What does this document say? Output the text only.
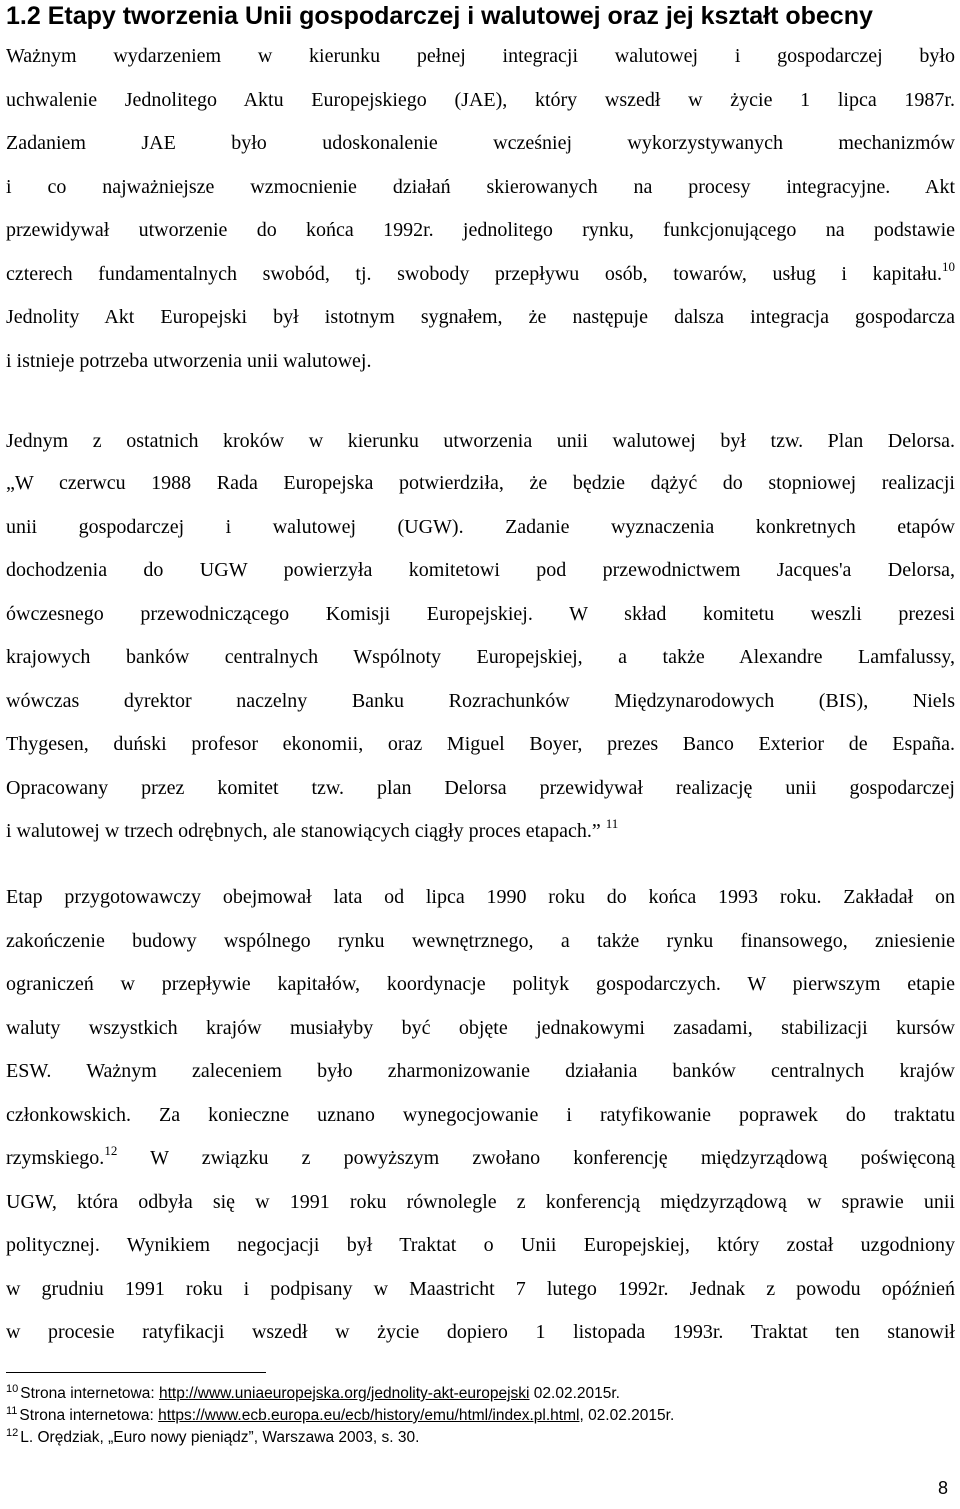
1.2 Etapy tworzenia Unii gospodarczej i walutowej oraz jej kształt obecny
Ważnym wydarzeniem w kierunku pełnej integracji walutowej i gospodarczej było
uchwalenie Jednolitego Aktu Europejskiego (JAE), który wszedł w życie 1 lipca 1987r.
Zadaniem JAE było udoskonalenie wcześniej wykorzystywanych mechanizmów
i co najważniejsze wzmocnienie działań skierowanych na procesy integracyjne. Akt
przewidywał utworzenie do końca 1992r. jednolitego rynku, funkcjonującego na podstawie
czterech fundamentalnych swobód, tj. swobody przepływu osób, towarów, usług i kapitału.$^{10}$
Jednolity Akt Europejski był istotnym sygnałem, że następuje dalsza integracja gospodarcza
i istnieje potrzeba utworzenia unii walutowej.
Jednym z ostatnich kroków w kierunku utworzenia unii walutowej był tzw. Plan Delorsa.
„W czerwcu 1988 Rada Europejska potwierdziła, że będzie dążyć do stopniowej realizacji
unii gospodarczej i walutowej (UGW). Zadanie wyznaczenia konkretnych etapów
dochodzenia do UGW powierzyła komitetowi pod przewodnictwem Jacques'a Delorsa,
ówczesnego przewodniczącego Komisji Europejskiej. W skład komitetu weszli prezesi
krajowych banków centralnych Wspólnoty Europejskiej, a także Alexandre Lamfalussy,
wówczas dyrektor naczelny Banku Rozrachunków Międzynarodowych (BIS), Niels
Thygesen, duński profesor ekonomii, oraz Miguel Boyer, prezes Banco Exterior de España.
Opracowany przez komitet tzw. plan Delorsa przewidywał realizację unii gospodarczej
i walutowej w trzech odrębnych, ale stanowiących ciągły proces etapach.” $^{11}$
Etap przygotowawczy obejmował lata od lipca 1990 roku do końca 1993 roku. Zakładał on
zakończenie budowy wspólnego rynku wewnętrznego, a także rynku finansowego, zniesienie
ograniczeń w przepływie kapitałów, koordynacje polityk gospodarczych. W pierwszym etapie
waluty wszystkich krajów musiałyby być objęte jednakowymi zasadami, stabilizacji kursów
ESW. Ważnym zaleceniem było zharmonizowanie działania banków centralnych krajów
członkowskich. Za konieczne uznano wynegocjowanie i ratyfikowanie poprawek do traktatu
rzymskiego.$^{12}$ W związku z powyższym zwołano konferencję międzyrządową poświęconą
UGW, która odbyła się w 1991 roku równolegle z konferencją międzyrządową w sprawie unii
politycznej. Wynikiem negocjacji był Traktat o Unii Europejskiej, który został uzgodniony
w grudniu 1991 roku i podpisany w Maastricht 7 lutego 1992r. Jednak z powodu opóźnień
w procesie ratyfikacji wszedł w życie dopiero 1 listopada 1993r. Traktat ten stanowił
$^{10}$ Strona internetowa: http://www.uniaeuropejska.org/jednolity-akt-europejski 02.02.2015r.
$^{11}$ Strona internetowa: https://www.ecb.europa.eu/ecb/history/emu/html/index.pl.html, 02.02.2015r.
$^{12}$ L. Orędziak, „Euro nowy pieniądz”, Warszawa 2003, s. 30.
8
